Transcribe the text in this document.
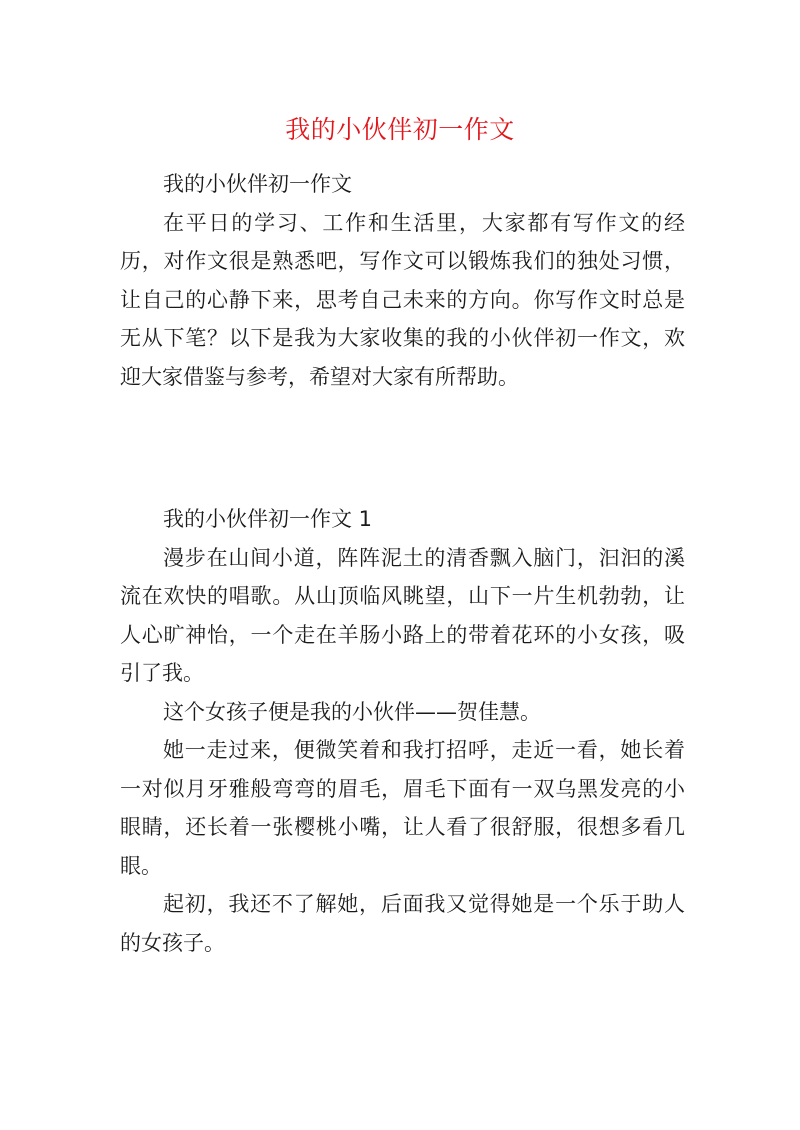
我的小伙伴初一作文

我的小伙伴初一作文

在平日的学习、工作和生活里，大家都有写作文的经历，对作文很是熟悉吧，写作文可以锻炼我们的独处习惯，让自己的心静下来，思考自己未来的方向。你写作文时总是无从下笔？以下是我为大家收集的我的小伙伴初一作文，欢迎大家借鉴与参考，希望对大家有所帮助。

我的小伙伴初一作文 1

漫步在山间小道，阵阵泥土的清香飘入脑门，汩汩的溪流在欢快的唱歌。从山顶临风眺望，山下一片生机勃勃，让人心旷神怡，一个走在羊肠小路上的带着花环的小女孩，吸引了我。

这个女孩子便是我的小伙伴——贺佳慧。

她一走过来，便微笑着和我打招呼，走近一看，她长着一对似月牙雅般弯弯的眉毛，眉毛下面有一双乌黑发亮的小眼睛，还长着一张樱桃小嘴，让人看了很舒服，很想多看几眼。

起初，我还不了解她，后面我又觉得她是一个乐于助人的女孩子。
